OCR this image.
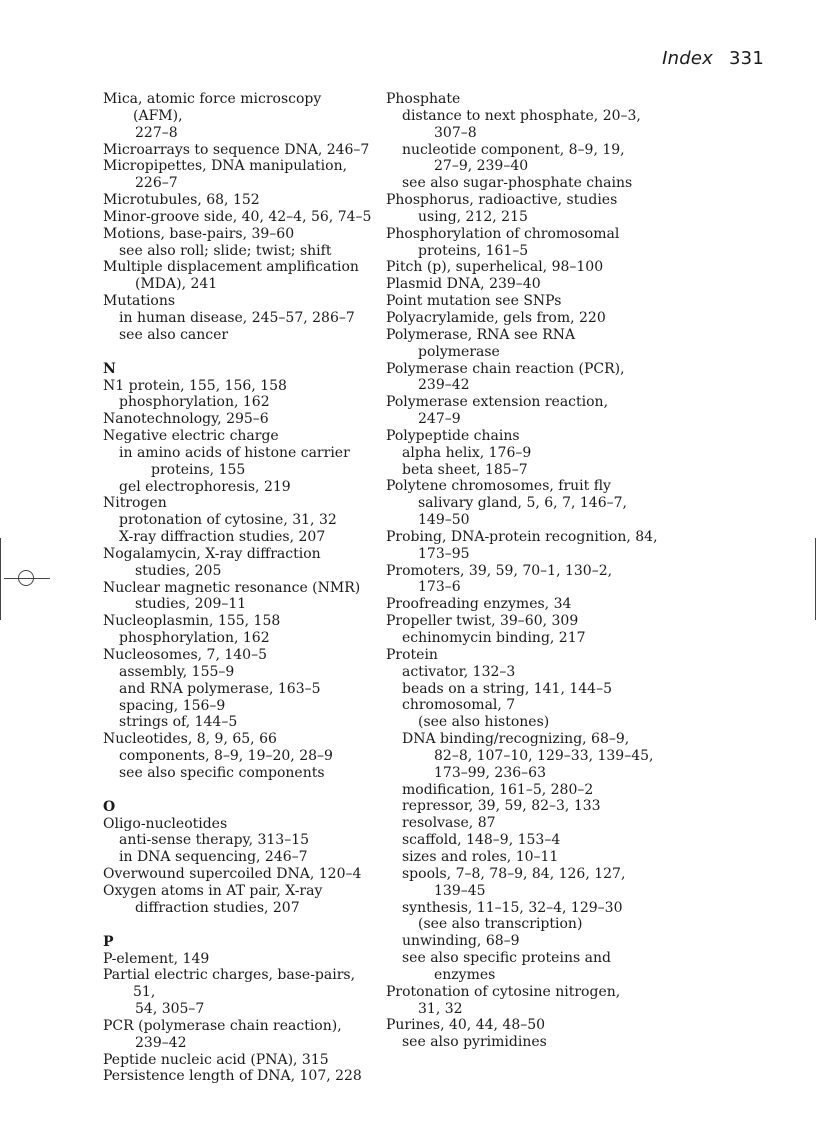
Index 331
Mica, atomic force microscopy (AFM),
227–8
Microarrays to sequence DNA, 246–7
Micropipettes, DNA manipulation,
226–7
Microtubules, 68, 152
Minor-groove side, 40, 42–4, 56, 74–5
Motions, base-pairs, 39–60
see also roll; slide; twist; shift
Multiple displacement amplification
(MDA), 241
Mutations
in human disease, 245–57, 286–7
see also cancer
N
N1 protein, 155, 156, 158
phosphorylation, 162
Nanotechnology, 295–6
Negative electric charge
in amino acids of histone carrier
proteins, 155
gel electrophoresis, 219
Nitrogen
protonation of cytosine, 31, 32
X-ray diffraction studies, 207
Nogalamycin, X-ray diffraction
studies, 205
Nuclear magnetic resonance (NMR)
studies, 209–11
Nucleoplasmin, 155, 158
phosphorylation, 162
Nucleosomes, 7, 140–5
assembly, 155–9
and RNA polymerase, 163–5
spacing, 156–9
strings of, 144–5
Nucleotides, 8, 9, 65, 66
components, 8–9, 19–20, 28–9
see also specific components
O
Oligo-nucleotides
anti-sense therapy, 313–15
in DNA sequencing, 246–7
Overwound supercoiled DNA, 120–4
Oxygen atoms in AT pair, X-ray
diffraction studies, 207
P
P-element, 149
Partial electric charges, base-pairs, 51,
54, 305–7
PCR (polymerase chain reaction),
239–42
Peptide nucleic acid (PNA), 315
Persistence length of DNA, 107, 228
Phosphate
distance to next phosphate, 20–3,
307–8
nucleotide component, 8–9, 19,
27–9, 239–40
see also sugar-phosphate chains
Phosphorus, radioactive, studies
using, 212, 215
Phosphorylation of chromosomal
proteins, 161–5
Pitch (p), superhelical, 98–100
Plasmid DNA, 239–40
Point mutation see SNPs
Polyacrylamide, gels from, 220
Polymerase, RNA see RNA
polymerase
Polymerase chain reaction (PCR),
239–42
Polymerase extension reaction,
247–9
Polypeptide chains
alpha helix, 176–9
beta sheet, 185–7
Polytene chromosomes, fruit fly
salivary gland, 5, 6, 7, 146–7,
149–50
Probing, DNA-protein recognition, 84,
173–95
Promoters, 39, 59, 70–1, 130–2,
173–6
Proofreading enzymes, 34
Propeller twist, 39–60, 309
echinomycin binding, 217
Protein
activator, 132–3
beads on a string, 141, 144–5
chromosomal, 7
(see also histones)
DNA binding/recognizing, 68–9,
82–8, 107–10, 129–33, 139–45,
173–99, 236–63
modification, 161–5, 280–2
repressor, 39, 59, 82–3, 133
resolvase, 87
scaffold, 148–9, 153–4
sizes and roles, 10–11
spools, 7–8, 78–9, 84, 126, 127,
139–45
synthesis, 11–15, 32–4, 129–30
(see also transcription)
unwinding, 68–9
see also specific proteins and
enzymes
Protonation of cytosine nitrogen,
31, 32
Purines, 40, 44, 48–50
see also pyrimidines
